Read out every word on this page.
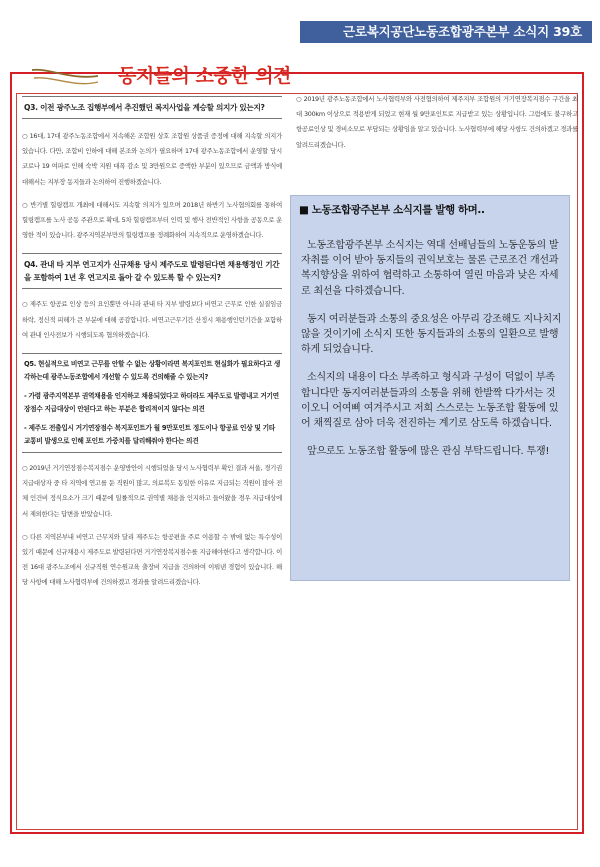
근로복지공단노동조합광주본부 소식지 39호
동지들의 소중한 의견

Q3. 이전 광주노조 집행부에서 추진했던 복지사업을 계승할 의지가 있는지?

○ 16대, 17대 광주노동조합에서 지속해온 조합원 상호 조합원 상품권 증정에 대해 지속할 의지가 있습니다. 다만, 조합비 인하에 대해 본조와 논의가 필요하며 17대 광주노동조합에서 운영할 당시 코로나 19 여파로 인해 숙박 지원 대폭 감소 및 3만원으로 증액한 부분이 있으므로 금액과 방식에 대해서는 지부장 동지들과 논의하여 진행하겠습니다.

○ 반기별 힐링캠프 개최에 대해서도 지속할 의지가 있으며 2018년 하반기 노사협의회를 통하여 힐링캠프를 노사 공동 주관으로 확대, 5차 힐링캠프부터 인력 및 행사 전반적인 사항을 공동으로 운영한 적이 있습니다. 광주지역본부만의 힐링캠프를 정례화하여 지속적으로 운영하겠습니다.

Q4. 관내 타 지부 연고지가 신규채용 당시 제주도로 발령된다면 채용행정인 기간을 포함하여 1년 후 연고지로 돌아 갈 수 있도록 할 수 있는지?

○ 제주도 항공료 인상 등의 요인뿐만 아니라 관내 타 지부 발령보다 비연고 근무로 인한 실질임금하락, 정신적 피해가 큰 부분에 대해 공감합니다. 비연고근무기간 산정시 채용행인턴기간을 포함하여 관내 인사전보가 시행되도록 협의하겠습니다.

Q5. 현실적으로 비연고 근무를 안할 수 없는 상황이라면 복지포인트 현실화가 필요하다고 생각하는데 광주노동조합에서 개선할 수 있도록 건의해줄 수 있는지?

- 가령 광주지역본부 권역채용을 인지하고 채용되었다고 하더라도 제주도로 발령내고 거기연장점수 지급대상이 안된다고 하는 부분은 합리적이지 않다는 의견

- 제주도 전출입시 거기연장점수 복지포인트가 월 9만포인트 정도이나 항공료 인상 및 기타 교통비 발생으로 인해 포인트 가중치를 달리해줘야 한다는 의견

○ 2019년 거기연장점수복지점수 운영방안이 시행되었을 당시 노사협력부 확인 결과 서울, 경기권 지급대상자 중 타 지역에 연고를 둔 직원이 많고, 의료복도 동일한 이유로 지급되는 직원이 많아 전체 인건비 정식요소가 크기 때문에 일률적으로 권역별 채용을 인지하고 들어왔을 경우 지급대상에서 제외한다는 답변을 받았습니다.

○ 다른 지역본부내 비연고 근무지와 달리 제주도는 항공편을 주로 이용할 수 밖에 없는 특수성이 있기 때문에 신규채용시 제주도로 발령된다면 거기연장복지점수를 지급해야한다고 생각합니다. 이전 16대 광주노조에서 신규직원 연수원교육 출장비 지급을 건의하여 이뤄낸 경험이 있습니다. 해당 사항에 대해 노사협력부에 건의하겠고 경과를 알려드리겠습니다.

○ 2019년 광주노동조합에서 노사협력부와 사전협의하여 제주지부 조합원의 거기연장복지점수 구간을 최대 300km 이상으로 적용받게 되었고 현재 월 9만포인트로 지급받고 있는 상황입니다. 그럼에도 불구하고 항공료인상 및 경비소모로 부담되는 상황임을 알고 있습니다. 노사협력부에 해당 사항도 건의하겠고 경과를 알려드리겠습니다.

■ 노동조합광주본부 소식지를 발행 하며..

노동조합광주본부 소식지는 역대 선배님들의 노동운동의 발자취를 이어 받아 동지들의 권익보호는 물론 근로조건 개선과 복지향상을 위하여 협력하고 소통하여 열린 마음과 낮은 자세로 최선을 다하겠습니다.

동지 여러분들과 소통의 중요성은 아무리 강조해도 지나치지 않을 것이기에 소식지 또한 동지들과의 소통의 일환으로 발행하게 되었습니다.

소식지의 내용이 다소 부족하고 형식과 구성이 덕없이 부족합니다만 동지여러분들과의 소통을 위해 한발짝 다가서는 것이오니 어여삐 여겨주시고 저희 스스로는 노동조합 활동에 있어 채찍질로 삼아 더욱 전진하는 계기로 삼도록 하겠습니다.

앞으로도 노동조합 활동에 많은 관심 부탁드립니다. 투쟁!
